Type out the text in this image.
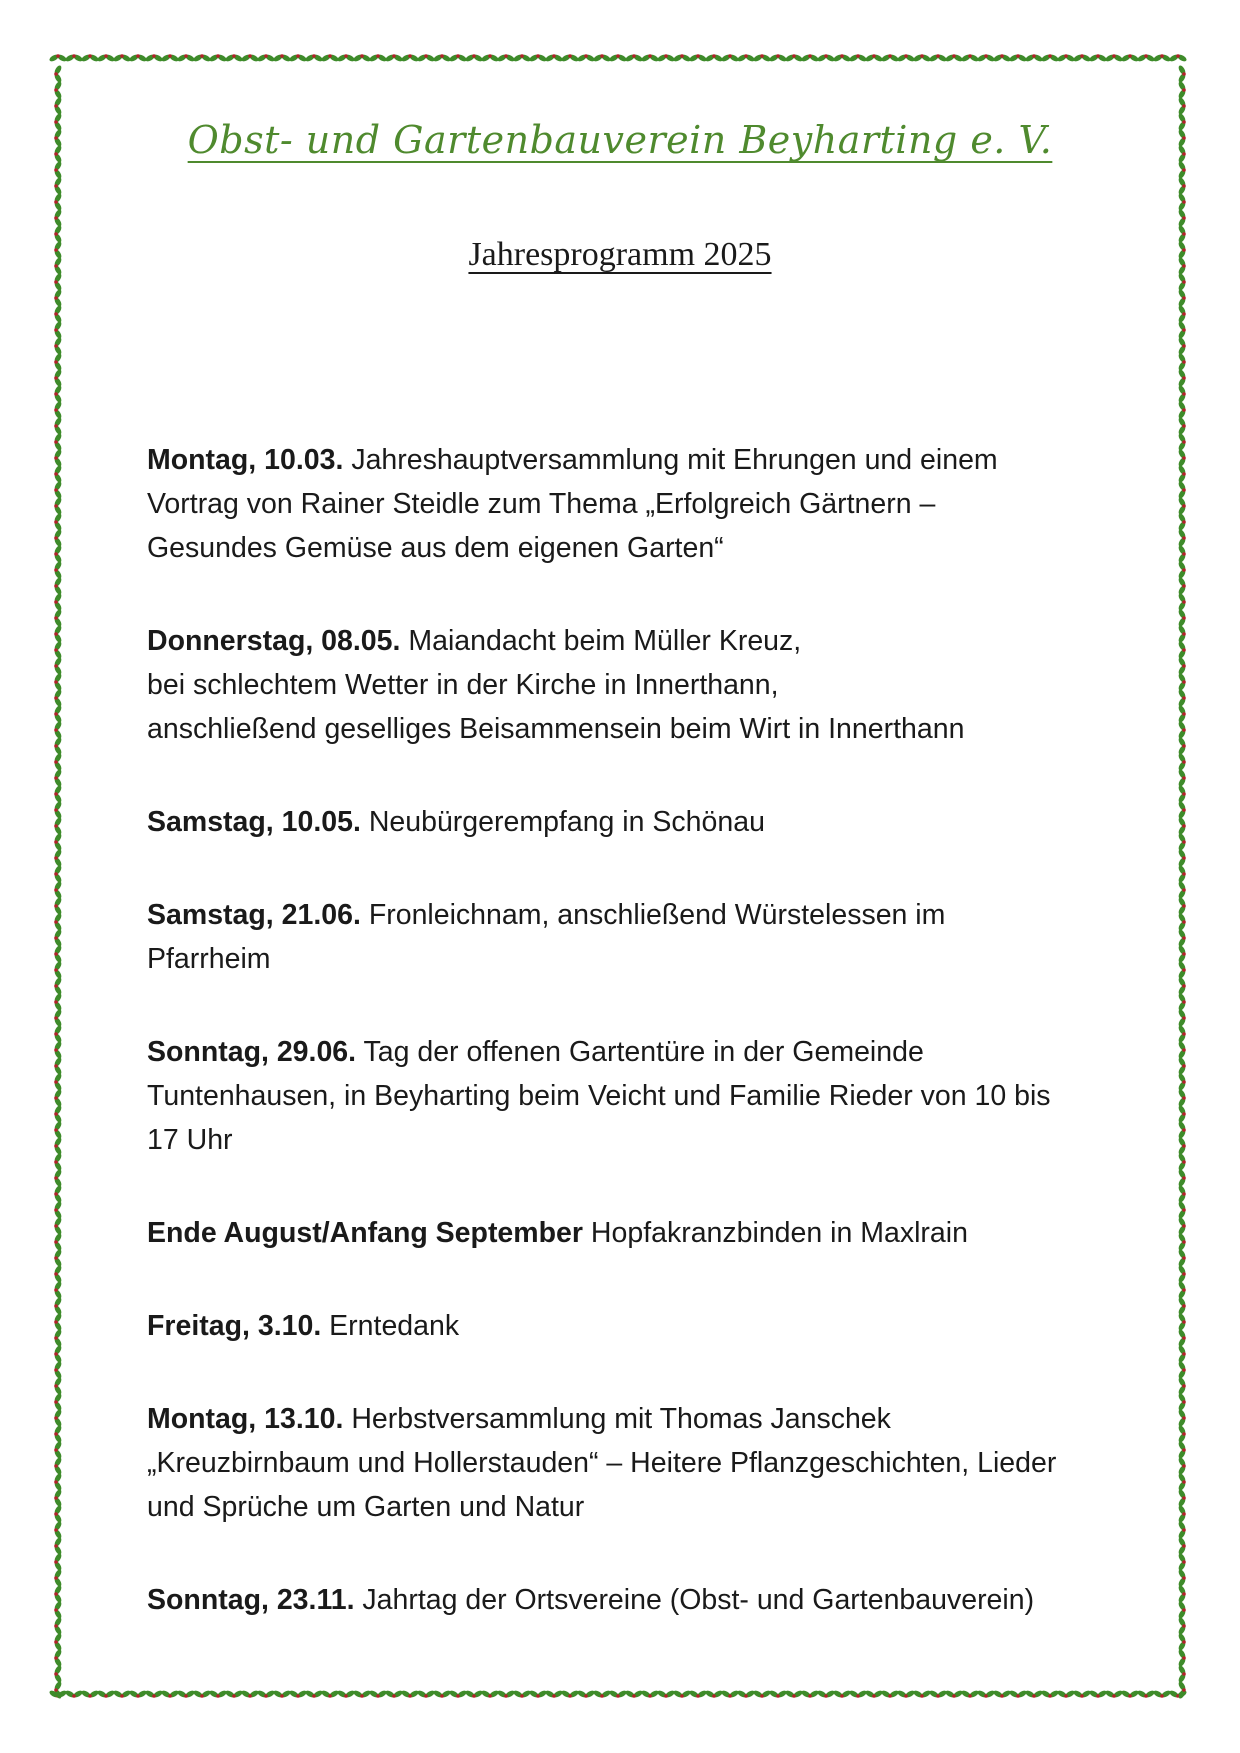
Obst- und Gartenbauverein Beyharting e. V.
Jahresprogramm 2025
Montag, 10.03. Jahreshauptversammlung mit Ehrungen und einem
Vortrag von Rainer Steidle zum Thema „Erfolgreich Gärtnern –
Gesundes Gemüse aus dem eigenen Garten“
Donnerstag, 08.05. Maiandacht beim Müller Kreuz,
bei schlechtem Wetter in der Kirche in Innerthann,
anschließend geselliges Beisammensein beim Wirt in Innerthann
Samstag, 10.05. Neubürgerempfang in Schönau
Samstag, 21.06. Fronleichnam, anschließend Würstelessen im
Pfarrheim
Sonntag, 29.06. Tag der offenen Gartentüre in der Gemeinde
Tuntenhausen, in Beyharting beim Veicht und Familie Rieder von 10 bis
17 Uhr
Ende August/Anfang September Hopfakranzbinden in Maxlrain
Freitag, 3.10. Erntedank
Montag, 13.10. Herbstversammlung mit Thomas Janschek
„Kreuzbirnbaum und Hollerstauden“ – Heitere Pflanzgeschichten, Lieder
und Sprüche um Garten und Natur
Sonntag, 23.11. Jahrtag der Ortsvereine (Obst- und Gartenbauverein)
